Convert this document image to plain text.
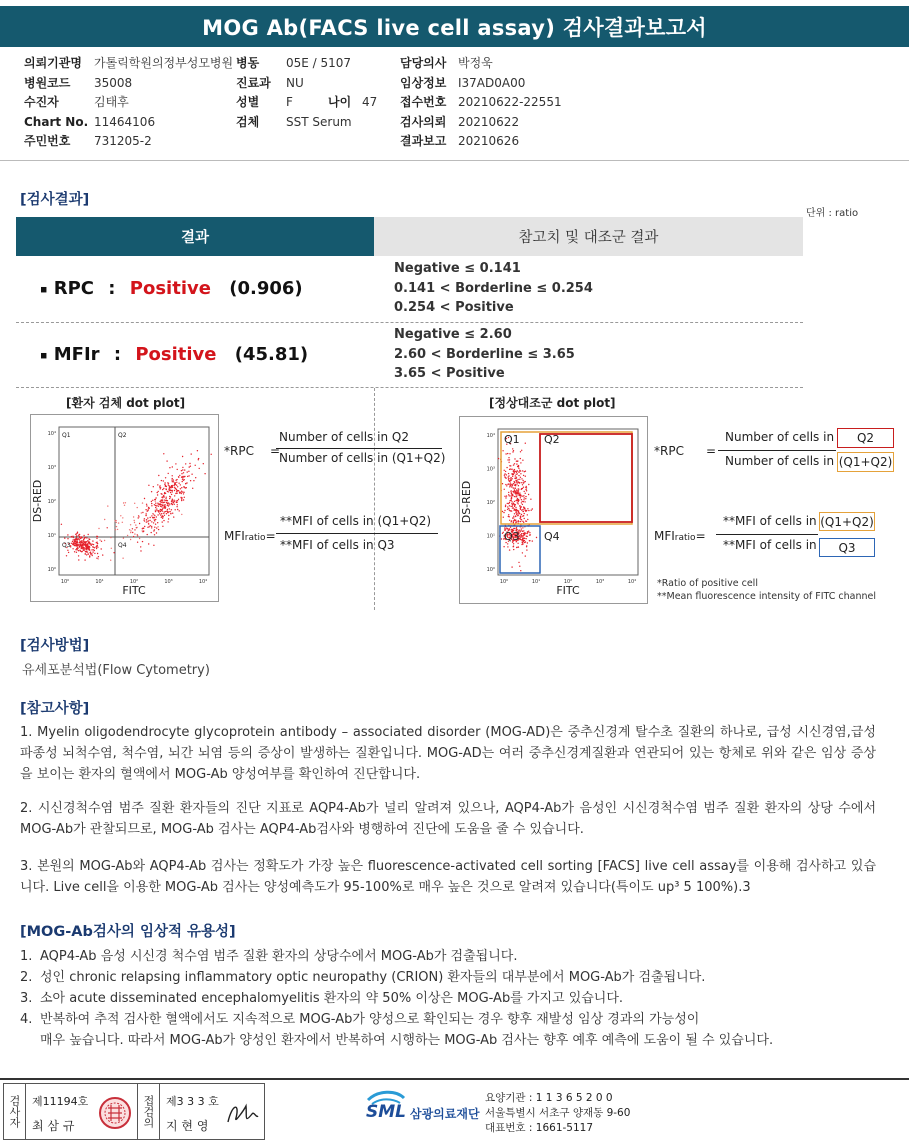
MOG Ab(FACS live cell assay) 검사결과보고서
의뢰기관명 가톨릭학원의정부성모병원
병원코드 35008
수진자	김태후
Chart No. 11464106
주민번호 731205-2
병동 05E / 5107
진료과 NU
성별 F	나이 47
검체 SST Serum
담당의사 박정욱
임상정보 I37AD0A00
접수번호 20210622-22551
검사의뢰 20210622
결과보고 20210626
[검사결과]
단위 : ratio
결과	참고치 및 대조군 결과
▪ RPC : Positive (0.906)
Negative ≤ 0.141
0.141 < Borderline ≤ 0.254
0.254 < Positive
▪ MFIr : Positive (45.81)
Negative ≤ 2.60
2.60 < Borderline ≤ 3.65
3.65 < Positive
[환자 검체 dot plot]
10⁴
10⁰
10³
10¹
10²
10²
10¹
10³
10⁰
10⁴
FITC
DS-RED
Q1	Q2
Q3	Q4
*RPC =
Number of cells in Q2
Number of cells in (Q1+Q2)
MFIratio=
**MFI of cells in (Q1+Q2)
**MFI of cells in Q3
[정상대조군 dot plot]
10⁴
10⁰
10³
10¹
10²
10²
10¹
10³
10⁰
10⁴
FITC
DS-RED
Q1 Q2
Q3 Q4
*RPC =
Number of cells in	Q2
Number of cells in (Q1+Q2)
MFIratio=
**MFI of cells in (Q1+Q2)
**MFI of cells in	Q3
*Ratio of positive cell
**Mean fluorescence intensity of FITC channel
[검사방법]
유세포분석법(Flow Cytometry)
[참고사항]
1. Myelin oligodendrocyte glycoprotein antibody – associated disorder (MOG-AD)은 중추신경계 탈수초 질환의 하나로, 급성 시신경염,급성파종성 뇌척수염, 척수염, 뇌간 뇌염 등의 증상이 발생하는 질환입니다. MOG-AD는 여러 중추신경계질환과 연관되어 있는 항체로 위와 같은 임상 증상을 보이는 환자의 혈액에서 MOG-Ab 양성여부를 확인하여 진단합니다.
2. 시신경척수염 범주 질환 환자들의 진단 지표로 AQP4-Ab가 널리 알려져 있으나, AQP4-Ab가 음성인 시신경척수염 범주 질환 환자의 상당 수에서 MOG-Ab가 관찰되므로, MOG-Ab 검사는 AQP4-Ab검사와 병행하여 진단에 도움을 줄 수 있습니다.
3. 본원의 MOG-Ab와 AQP4-Ab 검사는 정확도가 가장 높은 fluorescence-activated cell sorting [FACS] live cell assay를 이용해 검사하고 있습니다. Live cell을 이용한 MOG-Ab 검사는 양성예측도가 95-100%로 매우 높은 것으로 알려져 있습니다(특이도 up³ 5 100%).3
[MOG-Ab검사의 임상적 유용성]
1. AQP4-Ab 음성 시신경 척수염 범주 질환 환자의 상당수에서 MOG-Ab가 검출됩니다.
2. 성인 chronic relapsing inflammatory optic neuropathy (CRION) 환자들의 대부분에서 MOG-Ab가 검출됩니다.
3. 소아 acute disseminated encephalomyelitis 환자의 약 50% 이상은 MOG-Ab를 가지고 있습니다.
4. 반복하여 추적 검사한 혈액에서도 지속적으로 MOG-Ab가 양성으로 확인되는 경우 향후 재발성 임상 경과의 가능성이
매우 높습니다. 따라서 MOG-Ab가 양성인 환자에서 반복하여 시행하는 MOG-Ab 검사는 향후 예후 예측에 도움이 될 수 있습니다.
검사자	제11194호
최 삼 규	접검의	제3 3 3 호
지 현 영
SML 삼광의료재단
요양기관 : 1 1 3 6 5 2 0 0
서울특별시 서초구 양재동 9-60
대표번호 : 1661-5117
